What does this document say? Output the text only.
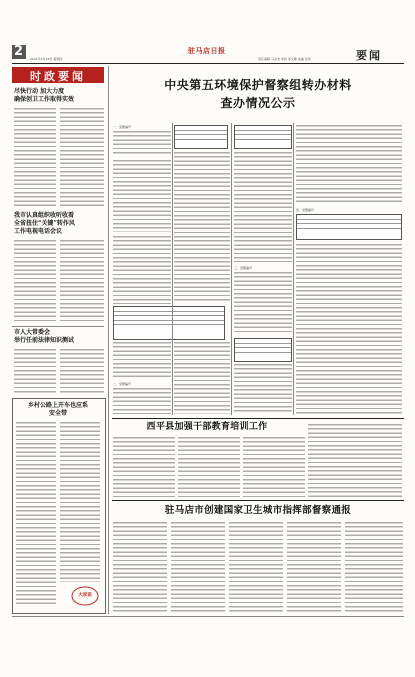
2 2021年3月18日 星期四
驻马店日报
责任编辑 马永杰 审校 李文静 美编 张伟	要闻
时政要闻
尽快行动 加大力度
确保创卫工作取得实效
我市认真组织收听收看
全省扭住“关键”转作风
工作电视电话会议
市人大常委会
举行任前法律知识测试
乡村公路上开车也应系
安全带
大家说
中央第五环境保护督察组转办材料
查办情况公示
一、受理编号
二、受理编号
三、受理编号
四、受理编号
西平县加强干部教育培训工作
驻马店市创建国家卫生城市指挥部督察通报
